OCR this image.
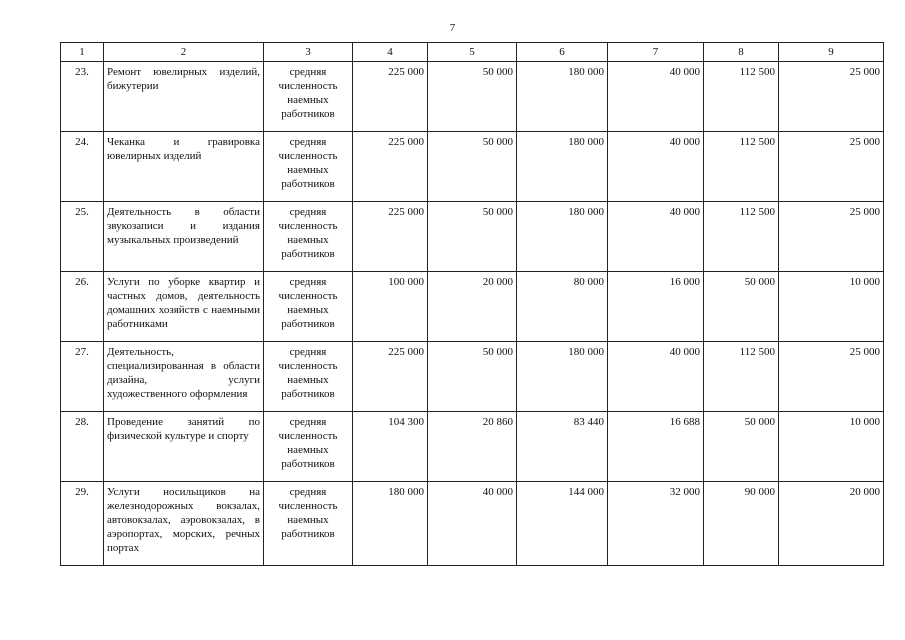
7
1	2	3	4	5	6	7	8	9
23.	Ремонт ювелирных изделий, бижутерии	средняя численность наемных работников	225 000	50 000	180 000	40 000	112 500	25 000
24.	Чеканка и гравировка ювелирных изделий	средняя численность наемных работников	225 000	50 000	180 000	40 000	112 500	25 000
25.	Деятельность в области звукозаписи и издания музыкальных произведений	средняя численность наемных работников	225 000	50 000	180 000	40 000	112 500	25 000
26.	Услуги по уборке квартир и частных домов, деятельность домашних хозяйств с наемными работниками	средняя численность наемных работников	100 000	20 000	80 000	16 000	50 000	10 000
27.	Деятельность, специализированная в области дизайна, услуги художественного оформления	средняя численность наемных работников	225 000	50 000	180 000	40 000	112 500	25 000
28.	Проведение занятий по физической культуре и спорту	средняя численность наемных работников	104 300	20 860	83 440	16 688	50 000	10 000
29.	Услуги носильщиков на железнодорожных вокзалах, автовокзалах, аэровокзалах, в аэропортах, морских, речных портах	средняя численность наемных работников	180 000	40 000	144 000	32 000	90 000	20 000
